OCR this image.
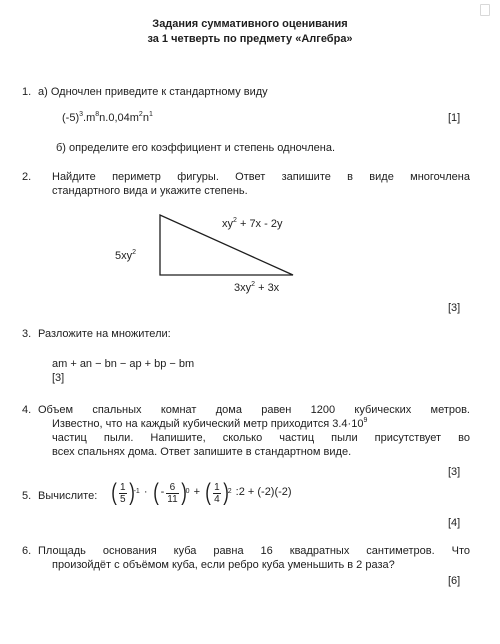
Задания суммативного оценивания
за 1 четверть по предмету «Алгебра»
1. а) Одночлен приведите к стандартному виду
$(-5)^3.m^8n.0,04m^2n^1$	[1]
б) определите его коэффициент и степень одночлена.
2. Найдите периметр фигуры. Ответ запишите в виде многочлена
стандартного вида и укажите степень.
$5xy^2$
$xy^2 + 7x - 2y$
$3xy^2 + 3x$
[3]
3. Разложите на множители:
am + an − bn − ap + bp − bm
[3]
4. Объем спальных комнат дома равен 1200 кубических метров.
Известно, что на каждый кубический метр приходится $3.4\cdot 10^9$
частиц пыли. Напишите, сколько частиц пыли присутствует во
всех спальнях дома. Ответ запишите в стандартном виде.
[3]
5. Вычислите: ( $\frac{1}{5} )-1$ · ( - $\frac{6}{11} )0$ + ( $\frac{1}{4} )2$ :2 + (-2)(-2)
[4]
6. Площадь основания куба равна 16 квадратных сантиметров. Что
произойдёт с объёмом куба, если ребро куба уменьшить в 2 раза?
[6]
